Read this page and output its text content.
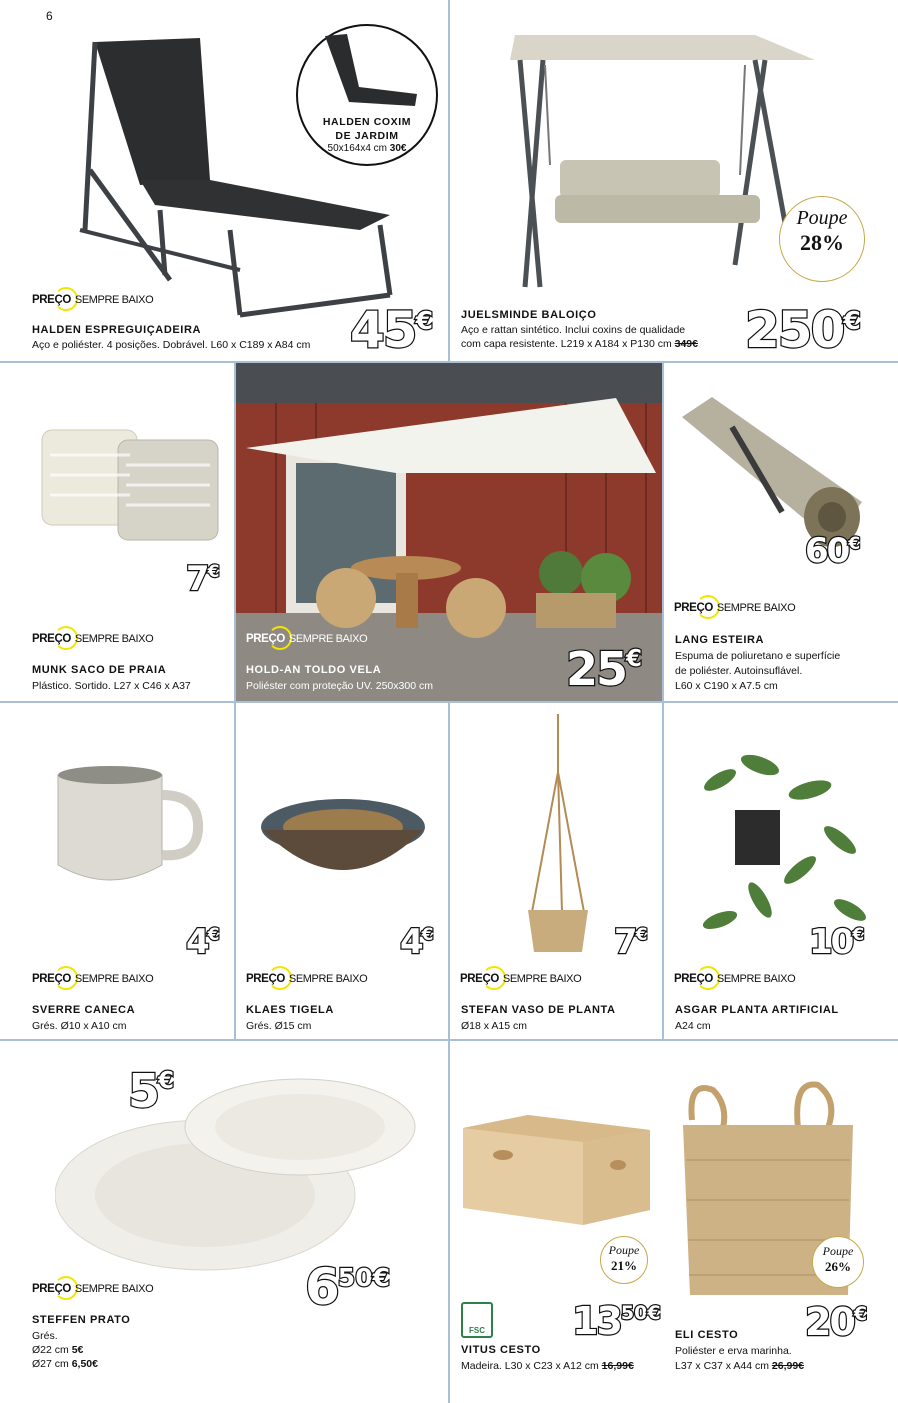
6
HALDEN COXIM
DE JARDIM
50x164x4 cm 30€
PREÇO SEMPRE BAIXO
HALDEN ESPREGUIÇADEIRA
Aço e poliéster. 4 posições. Dobrável. L60 x C189 x A84 cm 45€
Poupe
28%
JUELSMINDE BALOIÇO
Aço e rattan sintético. Inclui coxins de qualidade
com capa resistente. L219 x A184 x P130 cm 349€ 250€
7€
PREÇO SEMPRE BAIXO
MUNK SACO DE PRAIA
Plástico. Sortido. L27 x C46 x A37
PREÇO SEMPRE BAIXO
25€
HOLD-AN TOLDO VELA
Poliéster com proteção UV. 250x300 cm
60€
PREÇO SEMPRE BAIXO
LANG ESTEIRA
Espuma de poliuretano e superfície
de poliéster. Autoinsuflável.
L60 x C190 x A7.5 cm
4€
PREÇO SEMPRE BAIXO
SVERRE CANECA
Grés. Ø10 x A10 cm
4€
PREÇO SEMPRE BAIXO
KLAES TIGELA
Grés. Ø15 cm
7€
PREÇO SEMPRE BAIXO
STEFAN VASO DE PLANTA
Ø18 x A15 cm
10€
PREÇO SEMPRE BAIXO
ASGAR PLANTA ARTIFICIAL
A24 cm
5€
$6^{50€}$
PREÇO SEMPRE BAIXO
STEFFEN PRATO
Grés.
Ø22 cm 5€
Ø27 cm 6,50€
Poupe
21%
FSC $13^{50€}$
VITUS CESTO
Madeira. L30 x C23 x A12 cm 16,99€
Poupe
26%
20€
ELI CESTO
Poliéster e erva marinha.
L37 x C37 x A44 cm 26,99€
